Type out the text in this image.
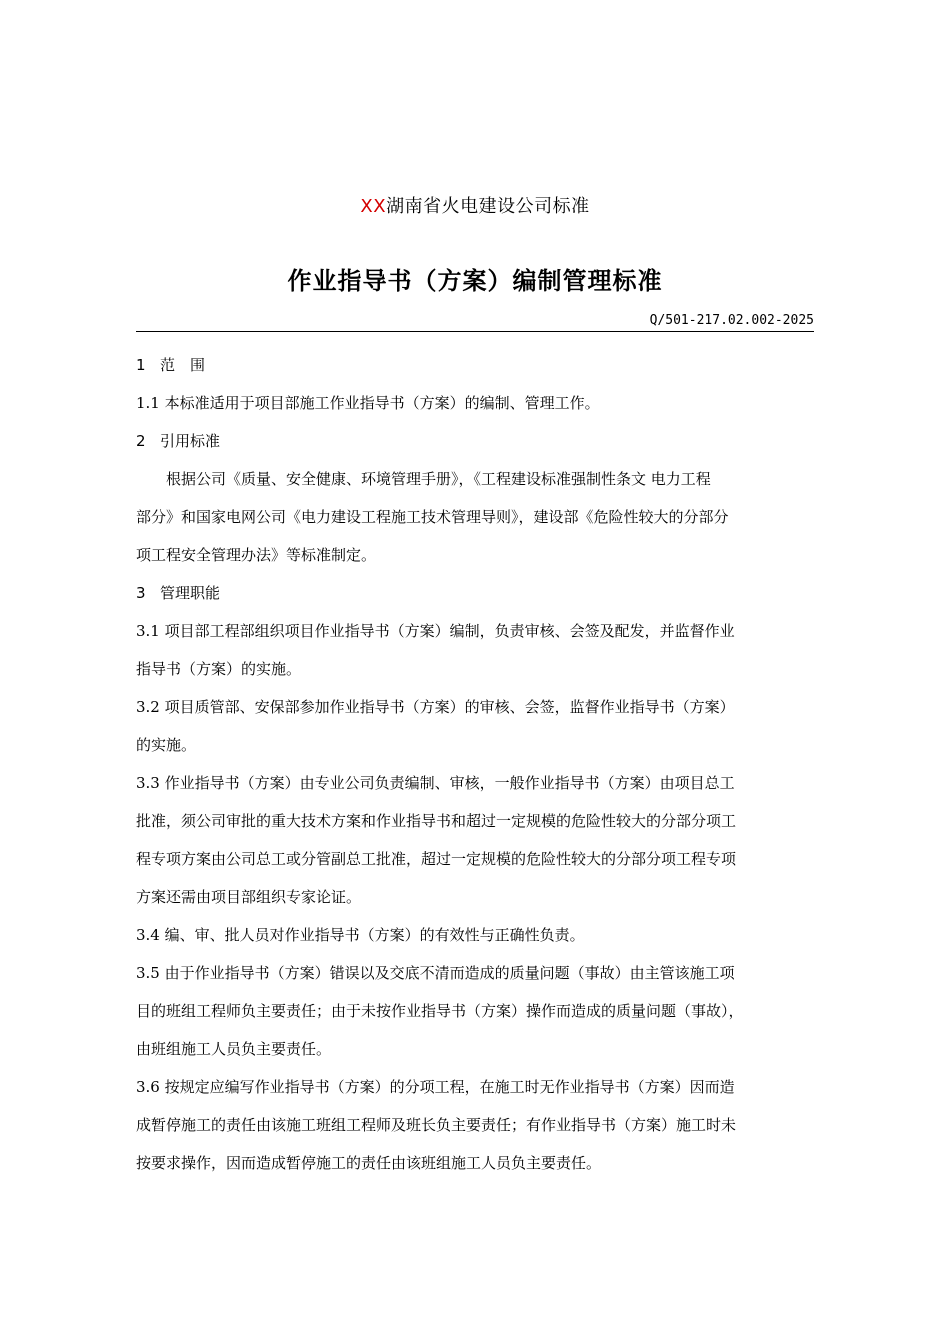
XX湖南省火电建设公司标准
作业指导书（方案）编制管理标准
Q/501-217.02.002-2025

1 范　围

1.1 本标准适用于项目部施工作业指导书（方案）的编制、管理工作。

2 引用标准

根据公司《质量、安全健康、环境管理手册》，《工程建设标准强制性条文 电力工程

部分》和国家电网公司《电力建设工程施工技术管理导则》，建设部《危险性较大的分部分

项工程安全管理办法》等标准制定。

3 管理职能

3.1 项目部工程部组织项目作业指导书（方案）编制，负责审核、会签及配发，并监督作业

指导书（方案）的实施。

3.2 项目质管部、安保部参加作业指导书（方案）的审核、会签，监督作业指导书（方案）

的实施。

3.3 作业指导书（方案）由专业公司负责编制、审核，一般作业指导书（方案）由项目总工

批准，须公司审批的重大技术方案和作业指导书和超过一定规模的危险性较大的分部分项工

程专项方案由公司总工或分管副总工批准，超过一定规模的危险性较大的分部分项工程专项

方案还需由项目部组织专家论证。

3.4 编、审、批人员对作业指导书（方案）的有效性与正确性负责。

3.5 由于作业指导书（方案）错误以及交底不清而造成的质量问题（事故）由主管该施工项

目的班组工程师负主要责任；由于未按作业指导书（方案）操作而造成的质量问题（事故），

由班组施工人员负主要责任。

3.6 按规定应编写作业指导书（方案）的分项工程，在施工时无作业指导书（方案）因而造

成暂停施工的责任由该施工班组工程师及班长负主要责任；有作业指导书（方案）施工时未

按要求操作，因而造成暂停施工的责任由该班组施工人员负主要责任。
